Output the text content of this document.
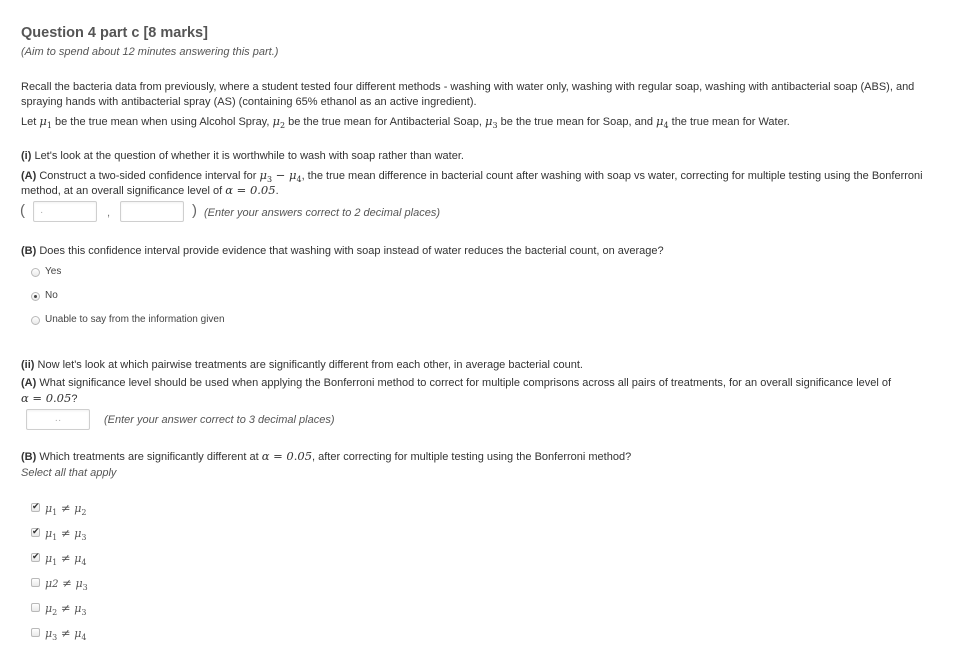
Question 4 part c [8 marks]
(Aim to spend about 12 minutes answering this part.)
Recall the bacteria data from previously, where a student tested four different methods - washing with water only, washing with regular soap, washing with antibacterial soap (ABS), and
spraying hands with antibacterial spray (AS) (containing 65% ethanol as an active ingredient).
Let $\mu_1$ be the true mean when using Alcohol Spray, $\mu_2$ be the true mean for Antibacterial Soap, $\mu_3$ be the true mean for Soap, and $\mu_4$ the true mean for Water.
(i) Let's look at the question of whether it is worthwhile to wash with soap rather than water.
(A) Construct a two-sided confidence interval for $\mu_3 - \mu_4$, the true mean difference in bacterial count after washing with soap vs water, correcting for multiple testing using the Bonferroni
method, at an overall significance level of α = 0.05.
(
·	,	) (Enter your answers correct to 2 decimal places)
(B) Does this confidence interval provide evidence that washing with soap instead of water reduces the bacterial count, on average?
Yes
No
Unable to say from the information given
(ii) Now let's look at which pairwise treatments are significantly different from each other, in average bacterial count.
(A) What significance level should be used when applying the Bonferroni method to correct for multiple comprisons across all pairs of treatments, for an overall significance level of
α = 0.05?
··
(Enter your answer correct to 3 decimal places)
(B) Which treatments are significantly different at α = 0.05, after correcting for multiple testing using the Bonferroni method?
Select all that apply
✔ $\mu_1 \ne \mu_2$
✔ $\mu_1 \ne \mu_3$
✔ $\mu_1 \ne \mu_4$
$\mu 2 \ne \mu_3$
$\mu_2 \ne \mu_3$
$\mu_3 \ne \mu_4$
